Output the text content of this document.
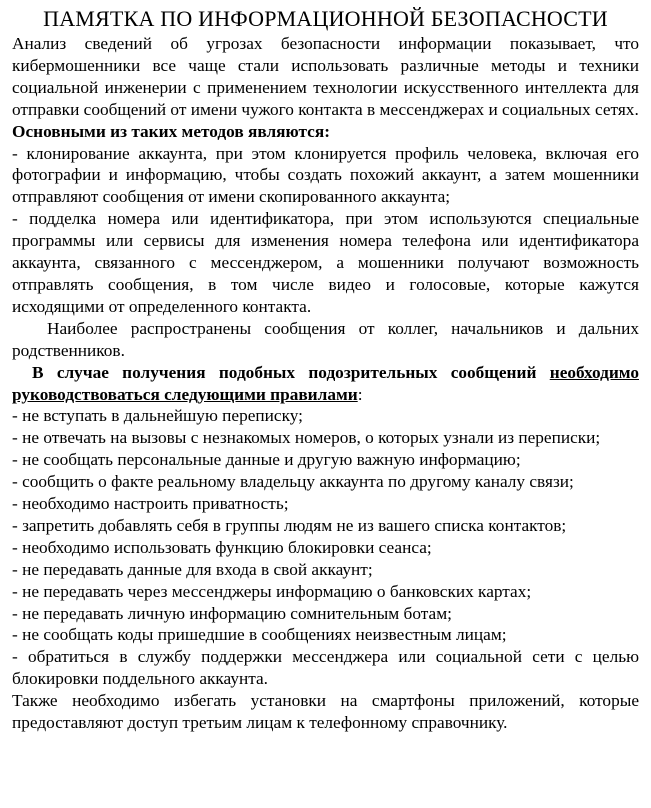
ПАМЯТКА ПО ИНФОРМАЦИОННОЙ БЕЗОПАСНОСТИ

Анализ сведений об угрозах безопасности информации показывает, что кибермошенники все чаще стали использовать различные методы и техники социальной инженерии с применением технологии искусственного интеллекта для отправки сообщений от имени чужого контакта в мессенджерах и социальных сетях.

Основными из таких методов являются:

- клонирование аккаунта, при этом клонируется профиль человека, включая его фотографии и информацию, чтобы создать похожий аккаунт, а затем мошенники отправляют сообщения от имени скопированного аккаунта;

- подделка номера или идентификатора, при этом используются специальные программы или сервисы для изменения номера телефона или идентификатора аккаунта, связанного с мессенджером, а мошенники получают возможность отправлять сообщения, в том числе видео и голосовые, которые кажутся исходящими от определенного контакта.

Наиболее распространены сообщения от коллег, начальников и дальних родственников.

В случае получения подобных подозрительных сообщений необходимо руководствоваться следующими правилами:

- не вступать в дальнейшую переписку;
- не отвечать на вызовы с незнакомых номеров, о которых узнали из переписки;
- не сообщать персональные данные и другую важную информацию;
- сообщить о факте реальному владельцу аккаунта по другому каналу связи;
- необходимо настроить приватность;
- запретить добавлять себя в группы людям не из вашего списка контактов;
- необходимо использовать функцию блокировки сеанса;
- не передавать данные для входа в свой аккаунт;
- не передавать через мессенджеры информацию о банковских картах;
- не передавать личную информацию сомнительным ботам;
- не сообщать коды пришедшие в сообщениях неизвестным лицам;
- обратиться в службу поддержки мессенджера или социальной сети с целью блокировки поддельного аккаунта.

Также необходимо избегать установки на смартфоны приложений, которые предоставляют доступ третьим лицам к телефонному справочнику.
